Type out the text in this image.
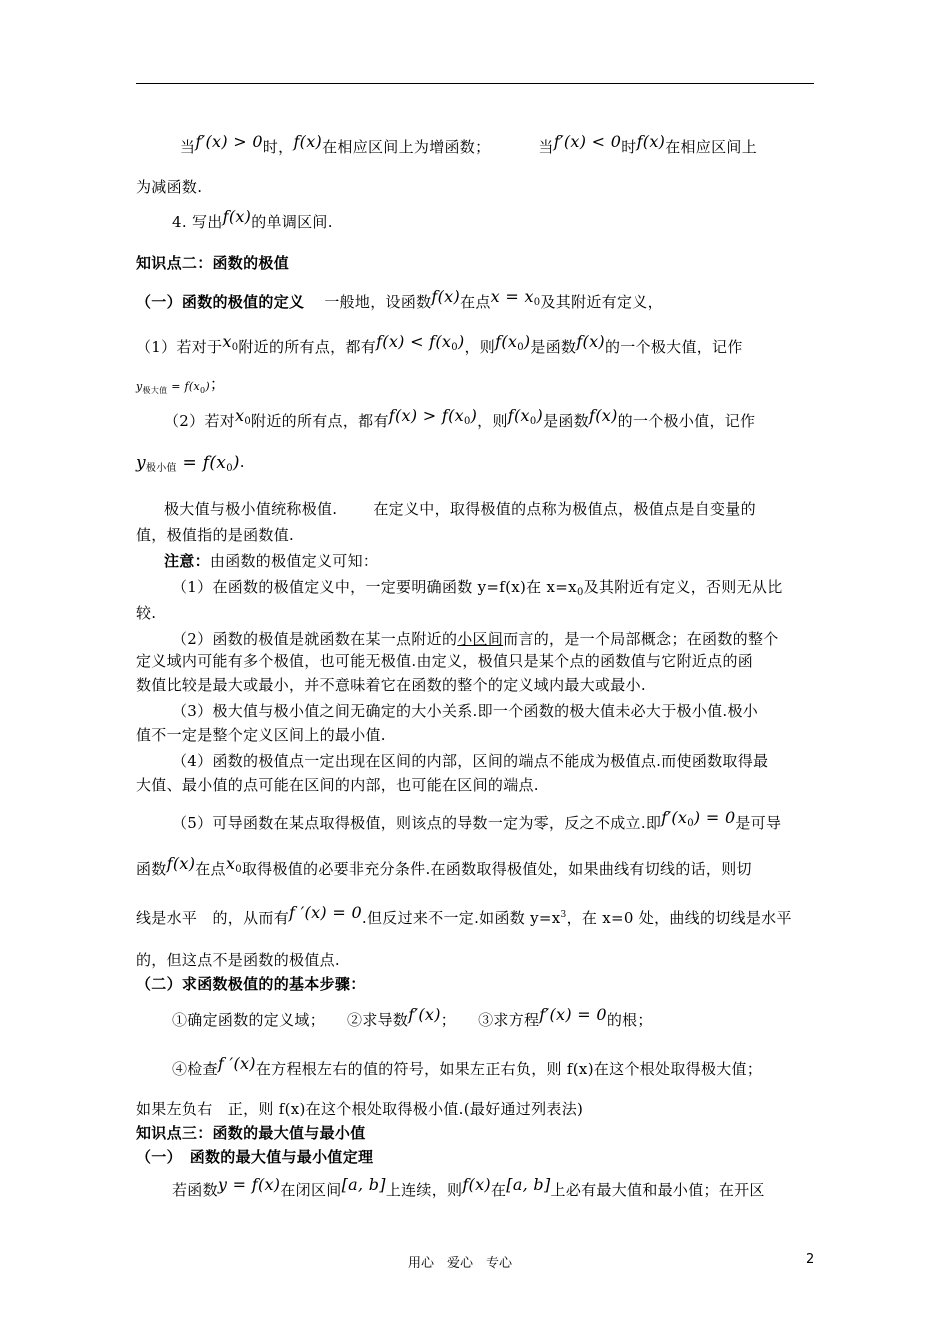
当f′(x) > 0时，f(x)在相应区间上为增函数；	当f′(x) < 0时f(x)在相应区间上
为减函数.
4. 写出f(x)的单调区间.
知识点二：函数的极值
（一）函数的极值的定义 一般地，设函数f(x)在点$x = x_0$及其附近有定义，
（1）若对于$x_0$附近的所有点，都有$f(x) < f(x_0)$，则$f(x_0)$是函数f(x)的一个极大值，记作
$y_{极大值} = f(x_0)$；
（2）若对$x_0$附近的所有点，都有$f(x) > f(x_0)$，则$f(x_0)$是函数f(x)的一个极小值，记作
$y_{极小值} = f(x_0)$.
极大值与极小值统称极值. 在定义中，取得极值的点称为极值点，极值点是自变量的
值，极值指的是函数值.
注意：由函数的极值定义可知：
（1）在函数的极值定义中，一定要明确函数 y=f(x)在 $x=x_0$及其附近有定义，否则无从比
较.
（2）函数的极值是就函数在某一点附近的小区间而言的，是一个局部概念；在函数的整个
定义域内可能有多个极值，也可能无极值.由定义，极值只是某个点的函数值与它附近点的函
数值比较是最大或最小，并不意味着它在函数的整个的定义域内最大或最小.
（3）极大值与极小值之间无确定的大小关系.即一个函数的极大值未必大于极小值.极小
值不一定是整个定义区间上的最小值.
（4）函数的极值点一定出现在区间的内部，区间的端点不能成为极值点.而使函数取得最
大值、最小值的点可能在区间的内部，也可能在区间的端点.
（5）可导函数在某点取得极值，则该点的导数一定为零，反之不成立.即$f'(x_0) = 0$是可导
函数f(x)在点$x_0$取得极值的必要非充分条件.在函数取得极值处，如果曲线有切线的话，则切
线是水平　的，从而有f ′(x) = 0.但反过来不一定.如函数 $y=x^3$，在 x=0 处，曲线的切线是水平
的，但这点不是函数的极值点.
（二）求函数极值的的基本步骤：
①确定函数的定义域； ②求导数f′(x)； ③求方程f′(x) = 0的根；
④检查f ′(x)在方程根左右的值的符号，如果左正右负，则 f(x)在这个根处取得极大值；
如果左负右　正，则 f(x)在这个根处取得极小值.(最好通过列表法)
知识点三：函数的最大值与最小值
（一）　函数的最大值与最小值定理
若函数y = f(x)在闭区间[a, b]上连续，则f(x)在[a, b]上必有最大值和最小值；在开区
用心　爱心　专心	2
